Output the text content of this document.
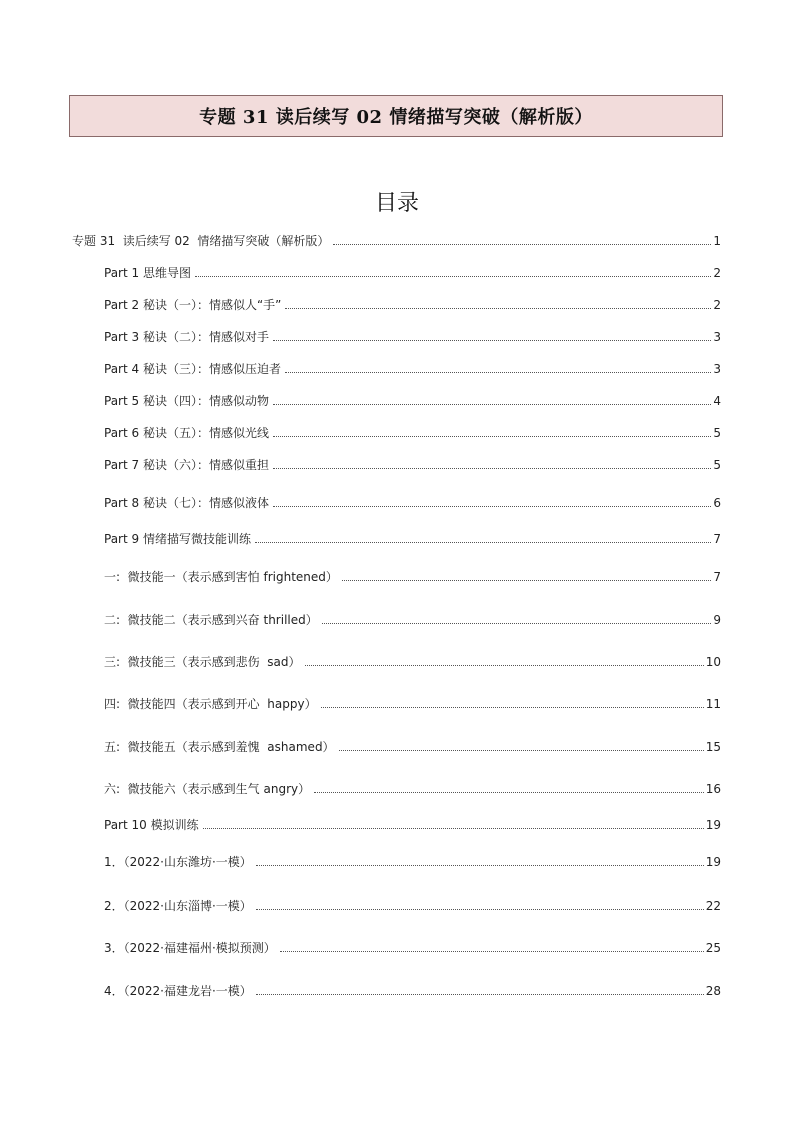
专题 31 读后续写 02 情绪描写突破（解析版）
目录
专题 31  读后续写 02  情绪描写突破（解析版）	1
Part 1 思维导图	2
Part 2 秘诀（一）：情感似人“手”	2
Part 3 秘诀（二）：情感似对手	3
Part 4 秘诀（三）：情感似压迫者	3
Part 5 秘诀（四）：情感似动物	4
Part 6 秘诀（五）：情感似光线	5
Part 7 秘诀（六）：情感似重担	5
Part 8 秘诀（七）：情感似液体	6
Part 9 情绪描写微技能训练	7
一:  微技能一（表示感到害怕 frightened）	7
二:  微技能二（表示感到兴奋 thrilled）	9
三:  微技能三（表示感到悲伤  sad）	10
四:  微技能四（表示感到开心  happy）	11
五:  微技能五（表示感到羞愧  ashamed）	15
六:  微技能六（表示感到生气 angry）	16
Part 10 模拟训练	19
1．（2022·山东潍坊·一模）	19
2．（2022·山东淄博·一模）	22
3．（2022·福建福州·模拟预测）	25
4．（2022·福建龙岩·一模）	28
